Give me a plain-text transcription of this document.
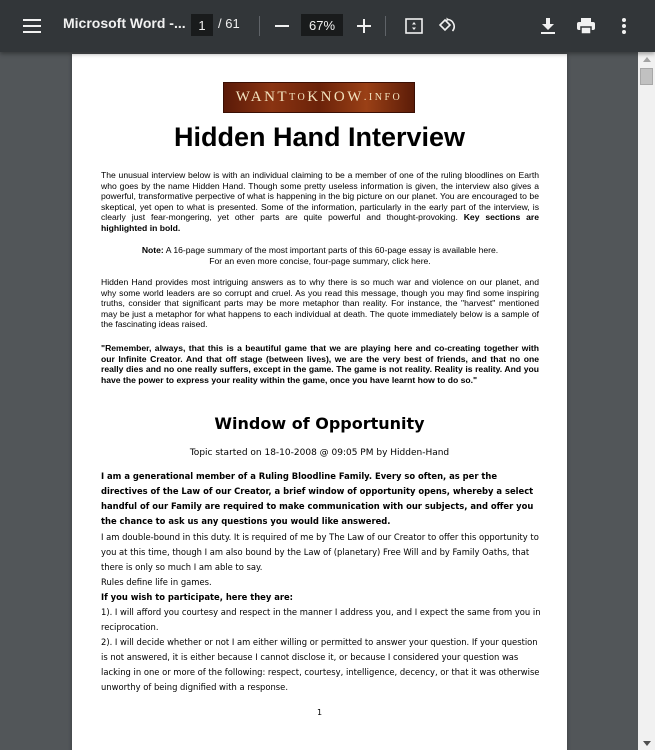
Microsoft Word -... 1 / 61	67%
WANT TO KNOW .INFO
Hidden Hand Interview
The unusual interview below is with an individual claiming to be a member of one of the ruling bloodlines on Earth who goes by the name Hidden Hand. Though some pretty useless information is given, the interview also gives a powerful, transformative perpective of what is happening in the big picture on our planet. You are encouraged to be skeptical, yet open to what is presented. Some of the information, particularly in the early part of the interview, is clearly just fear-mongering, yet other parts are quite powerful and thought-provoking. Key sections are highlighted in bold.
Note: A 16-page summary of the most important parts of this 60-page essay is available here.
For an even more concise, four-page summary, click here.
Hidden Hand provides most intriguing answers as to why there is so much war and violence on our planet, and why some world leaders are so corrupt and cruel. As you read this message, though you may find some inspiring truths, consider that significant parts may be more metaphor than reality. For instance, the "harvest" mentioned may be just a metaphor for what happens to each individual at death. The quote immediately below is a sample of the fascinating ideas raised.
"Remember, always, that this is a beautiful game that we are playing here and co-creating together with our Infinite Creator. And that off stage (between lives), we are the very best of friends, and that no one really dies and no one really suffers, except in the game. The game is not reality. Reality is reality. And you have the power to express your reality within the game, once you have learnt how to do so."
Window of Opportunity
Topic started on 18-10-2008 @ 09:05 PM by Hidden-Hand
I am a generational member of a Ruling Bloodline Family. Every so often, as per the directives of the Law of our Creator, a brief window of opportunity opens, whereby a select handful of our Family are required to make communication with our subjects, and offer you the chance to ask us any questions you would like answered.
I am double-bound in this duty. It is required of me by The Law of our Creator to offer this opportunity to you at this time, though I am also bound by the Law of (planetary) Free Will and by Family Oaths, that there is only so much I am able to say.
Rules define life in games.
If you wish to participate, here they are:
1). I will afford you courtesy and respect in the manner I address you, and I expect the same from you in reciprocation.
2). I will decide whether or not I am either willing or permitted to answer your question. If your question is not answered, it is either because I cannot disclose it, or because I considered your question was lacking in one or more of the following: respect, courtesy, intelligence, decency, or that it was otherwise unworthy of being dignified with a response.
1
